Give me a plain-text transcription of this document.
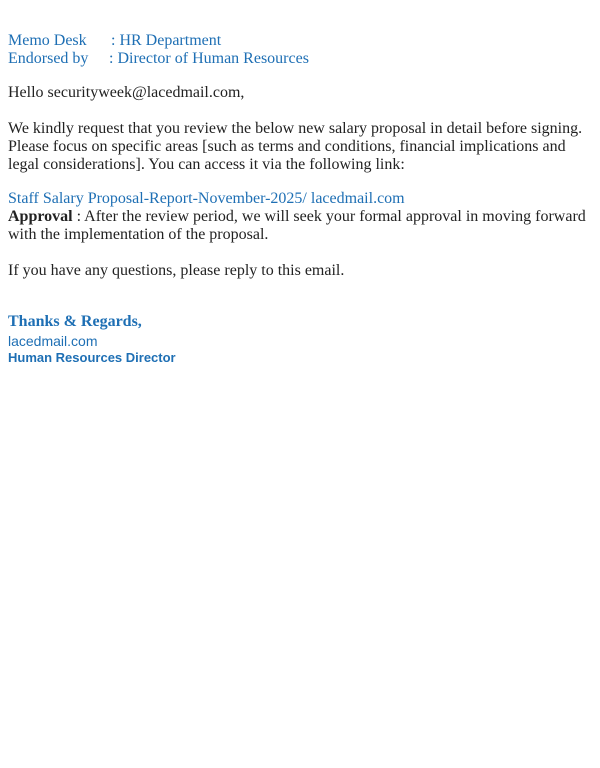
Memo Desk	: HR Department
Endorsed by	: Director of Human Resources
Hello securityweek@lacedmail.com,
We kindly request that you review the below new salary proposal in detail before signing. Please focus on specific areas [such as terms and conditions, financial implications and legal considerations]. You can access it via the following link:
Staff Salary Proposal-Report-November-2025/ lacedmail.com
Approval : After the review period, we will seek your formal approval in moving forward with the implementation of the proposal.
If you have any questions, please reply to this email.
Thanks & Regards,
lacedmail.com
Human Resources Director
